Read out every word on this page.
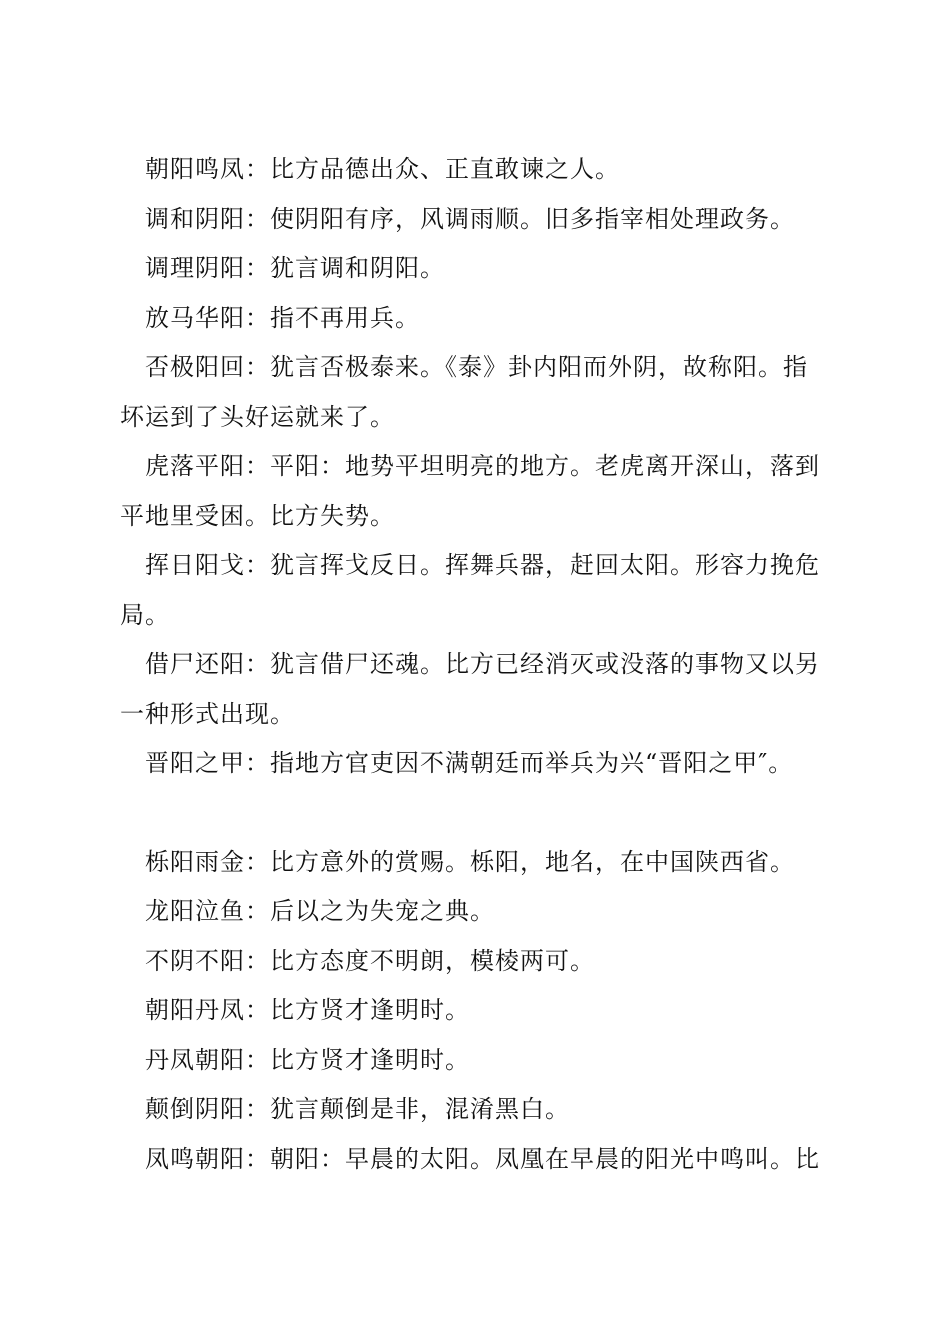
朝阳鸣凤：比方品德出众、正直敢谏之人。

调和阴阳：使阴阳有序，风调雨顺。旧多指宰相处理政务。

调理阴阳：犹言调和阴阳。

放马华阳：指不再用兵。

否极阳回：犹言否极泰来。《泰》卦内阳而外阴，故称阳。指坏运到了头好运就来了。

虎落平阳：平阳：地势平坦明亮的地方。老虎离开深山，落到平地里受困。比方失势。

挥日阳戈：犹言挥戈反日。挥舞兵器，赶回太阳。形容力挽危局。

借尸还阳：犹言借尸还魂。比方已经消灭或没落的事物又以另一种形式出现。

晋阳之甲：指地方官吏因不满朝廷而举兵为兴“晋阳之甲″。

栎阳雨金：比方意外的赏赐。栎阳，地名，在中国陕西省。

龙阳泣鱼：后以之为失宠之典。

不阴不阳：比方态度不明朗，模棱两可。

朝阳丹凤：比方贤才逢明时。

丹凤朝阳：比方贤才逢明时。

颠倒阴阳：犹言颠倒是非，混淆黑白。

凤鸣朝阳：朝阳：早晨的太阳。凤凰在早晨的阳光中鸣叫。比
